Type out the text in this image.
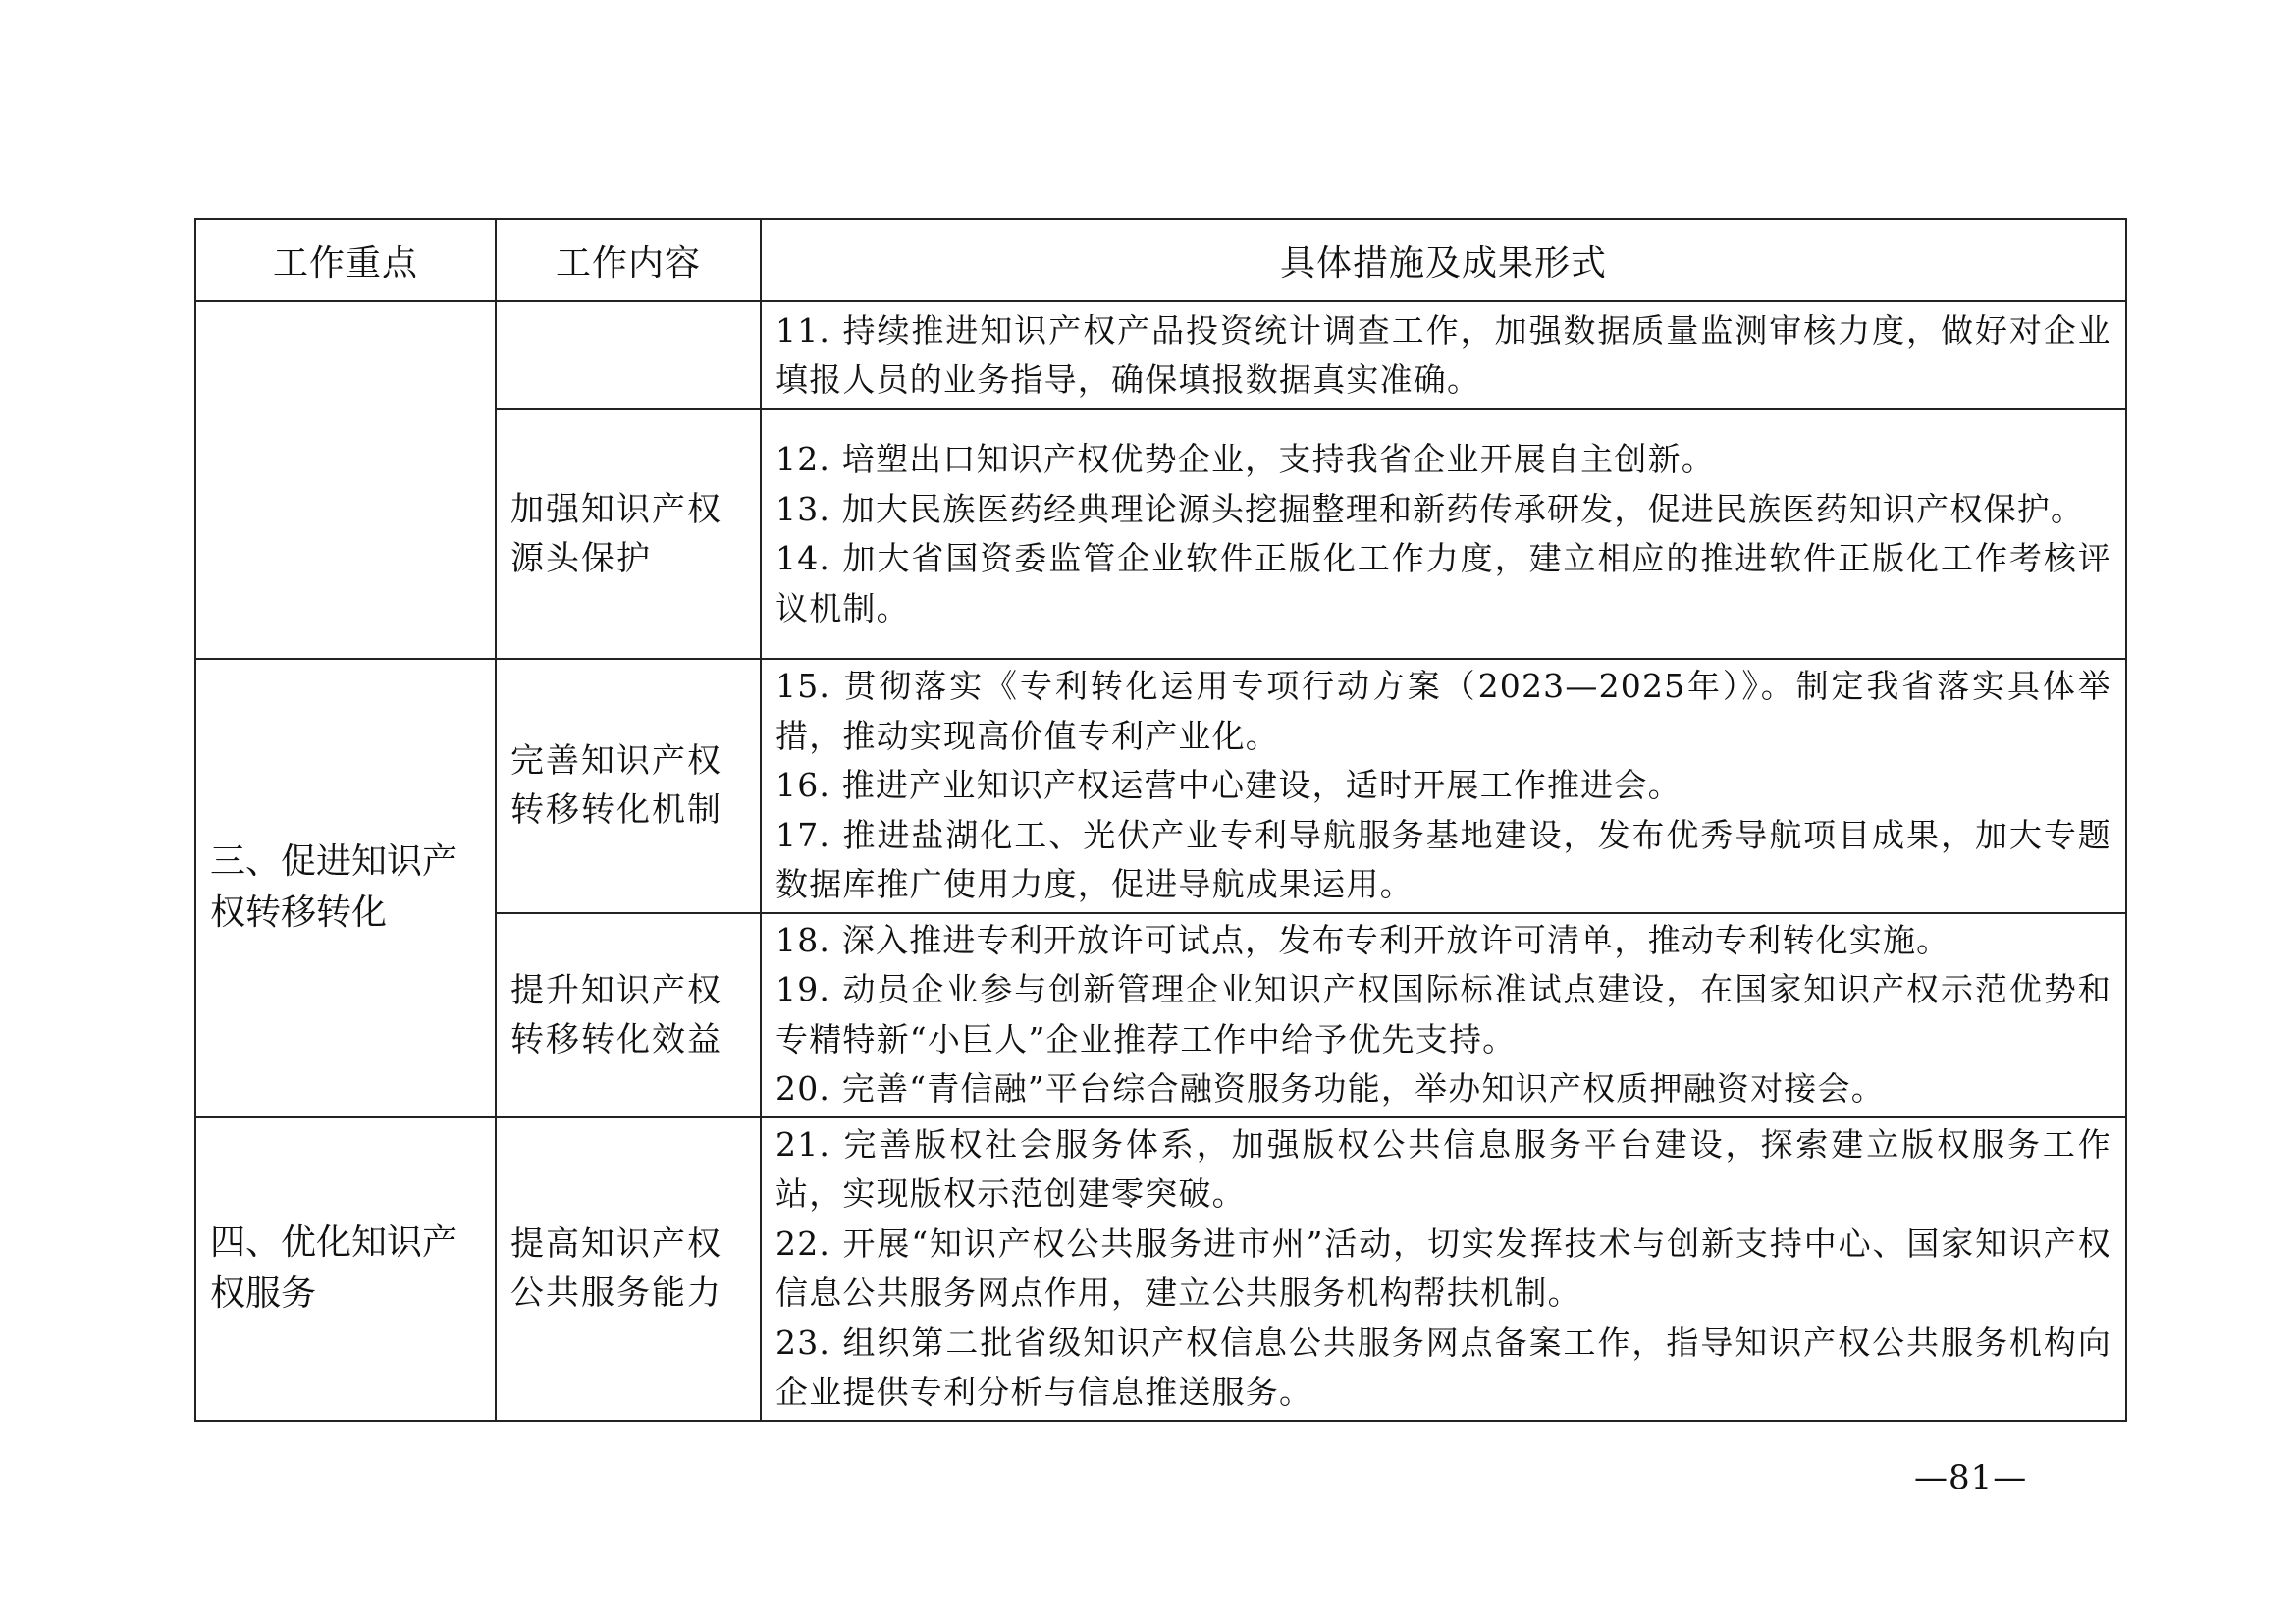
工作重点	工作内容	具体措施及成果形式

		11. 持续推进知识产权产品投资统计调查工作，加强数据质量监测审核力度，做好对企业填报人员的业务指导，确保填报数据真实准确。

	加强知识产权源头保护	12. 培塑出口知识产权优势企业，支持我省企业开展自主创新。
13. 加大民族医药经典理论源头挖掘整理和新药传承研发，促进民族医药知识产权保护。
14. 加大省国资委监管企业软件正版化工作力度，建立相应的推进软件正版化工作考核评议机制。

三、促进知识产权转移转化	完善知识产权转移转化机制	15. 贯彻落实《专利转化运用专项行动方案（2023—2025年）》。制定我省落实具体举措，推动实现高价值专利产业化。
16. 推进产业知识产权运营中心建设，适时开展工作推进会。
17. 推进盐湖化工、光伏产业专利导航服务基地建设，发布优秀导航项目成果，加大专题数据库推广使用力度，促进导航成果运用。

	提升知识产权转移转化效益	18. 深入推进专利开放许可试点，发布专利开放许可清单，推动专利转化实施。
19. 动员企业参与创新管理企业知识产权国际标准试点建设，在国家知识产权示范优势和专精特新“小巨人”企业推荐工作中给予优先支持。
20. 完善“青信融”平台综合融资服务功能，举办知识产权质押融资对接会。

四、优化知识产权服务	提高知识产权公共服务能力	21. 完善版权社会服务体系，加强版权公共信息服务平台建设，探索建立版权服务工作站，实现版权示范创建零突破。
22. 开展“知识产权公共服务进市州”活动，切实发挥技术与创新支持中心、国家知识产权信息公共服务网点作用，建立公共服务机构帮扶机制。
23. 组织第二批省级知识产权信息公共服务网点备案工作，指导知识产权公共服务机构向企业提供专利分析与信息推送服务。
—81—
